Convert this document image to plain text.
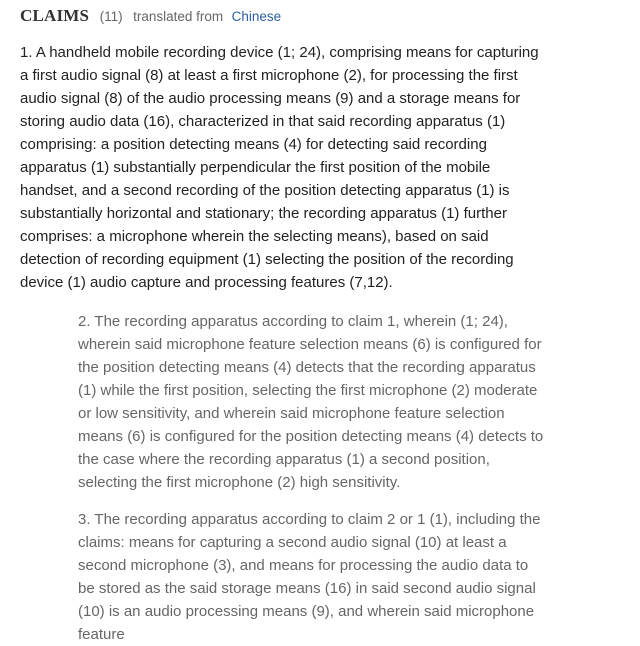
CLAIMS (11) translated from Chinese

1. A handheld mobile recording device (1; 24), comprising means for capturing a first audio signal (8) at least a first microphone (2), for processing the first audio signal (8) of the audio processing means (9) and a storage means for storing audio data (16), characterized in that said recording apparatus (1) comprising: a position detecting means (4) for detecting said recording apparatus (1) substantially perpendicular the first position of the mobile handset, and a second recording of the position detecting apparatus (1) is substantially horizontal and stationary; the recording apparatus (1) further comprises: a microphone wherein the selecting means), based on said detection of recording equipment (1) selecting the position of the recording device (1) audio capture and processing features (7,12).

2. The recording apparatus according to claim 1, wherein (1; 24), wherein said microphone feature selection means (6) is configured for the position detecting means (4) detects that the recording apparatus (1) while the first position, selecting the first microphone (2) moderate or low sensitivity, and wherein said microphone feature selection means (6) is configured for the position detecting means (4) detects to the case where the recording apparatus (1) a second position, selecting the first microphone (2) high sensitivity.

3. The recording apparatus according to claim 2 or 1 (1), including the claims: means for capturing a second audio signal (10) at least a second microphone (3), and means for processing the audio data to be stored as the said storage means (16) in said second audio signal (10) is an audio processing means (9), and wherein said microphone feature
